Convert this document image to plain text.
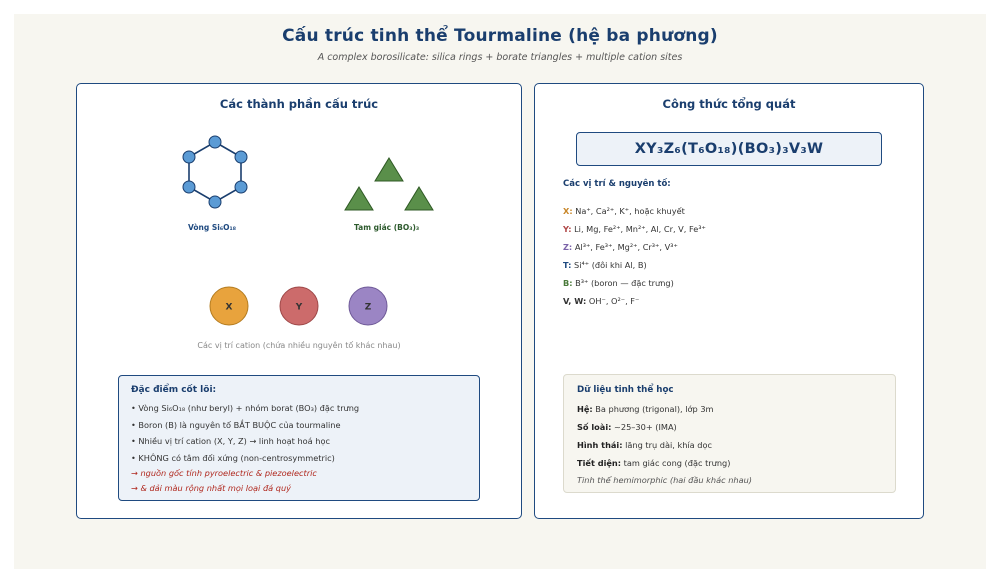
Cấu trúc tinh thể Tourmaline (hệ ba phương)
A complex borosilicate: silica rings + borate triangles + multiple cation sites
Các thành phần cấu trúc
X	Y	Z
Vòng Si₆O₁₈	Tam giác (BO₃)₃
Các vị trí cation (chứa nhiều nguyên tố khác nhau)
Đặc điểm cốt lõi:
• Vòng Si₆O₁₈ (như beryl) + nhóm borat (BO₃) đặc trưng
• Boron (B) là nguyên tố BẮT BUỘC của tourmaline
• Nhiều vị trí cation (X, Y, Z) → linh hoạt hoá học
• KHÔNG có tâm đối xứng (non-centrosymmetric)
→ nguồn gốc tính pyroelectric & piezoelectric
→ & dải màu rộng nhất mọi loại đá quý
Công thức tổng quát
XY₃Z₆(T₆O₁₈)(BO₃)₃V₃W
Các vị trí & nguyên tố:
X: Na⁺, Ca²⁺, K⁺, hoặc khuyết
Y: Li, Mg, Fe²⁺, Mn²⁺, Al, Cr, V, Fe³⁺
Z: Al³⁺, Fe³⁺, Mg²⁺, Cr³⁺, V³⁺
T: Si⁴⁺ (đôi khi Al, B)
B: B³⁺ (boron — đặc trưng)
V, W: OH⁻, O²⁻, F⁻
Dữ liệu tinh thể học
Hệ: Ba phương (trigonal), lớp 3m
Số loài: ~25–30+ (IMA)
Hình thái: lăng trụ dài, khía dọc
Tiết diện: tam giác cong (đặc trưng)
Tinh thể hemimorphic (hai đầu khác nhau)
